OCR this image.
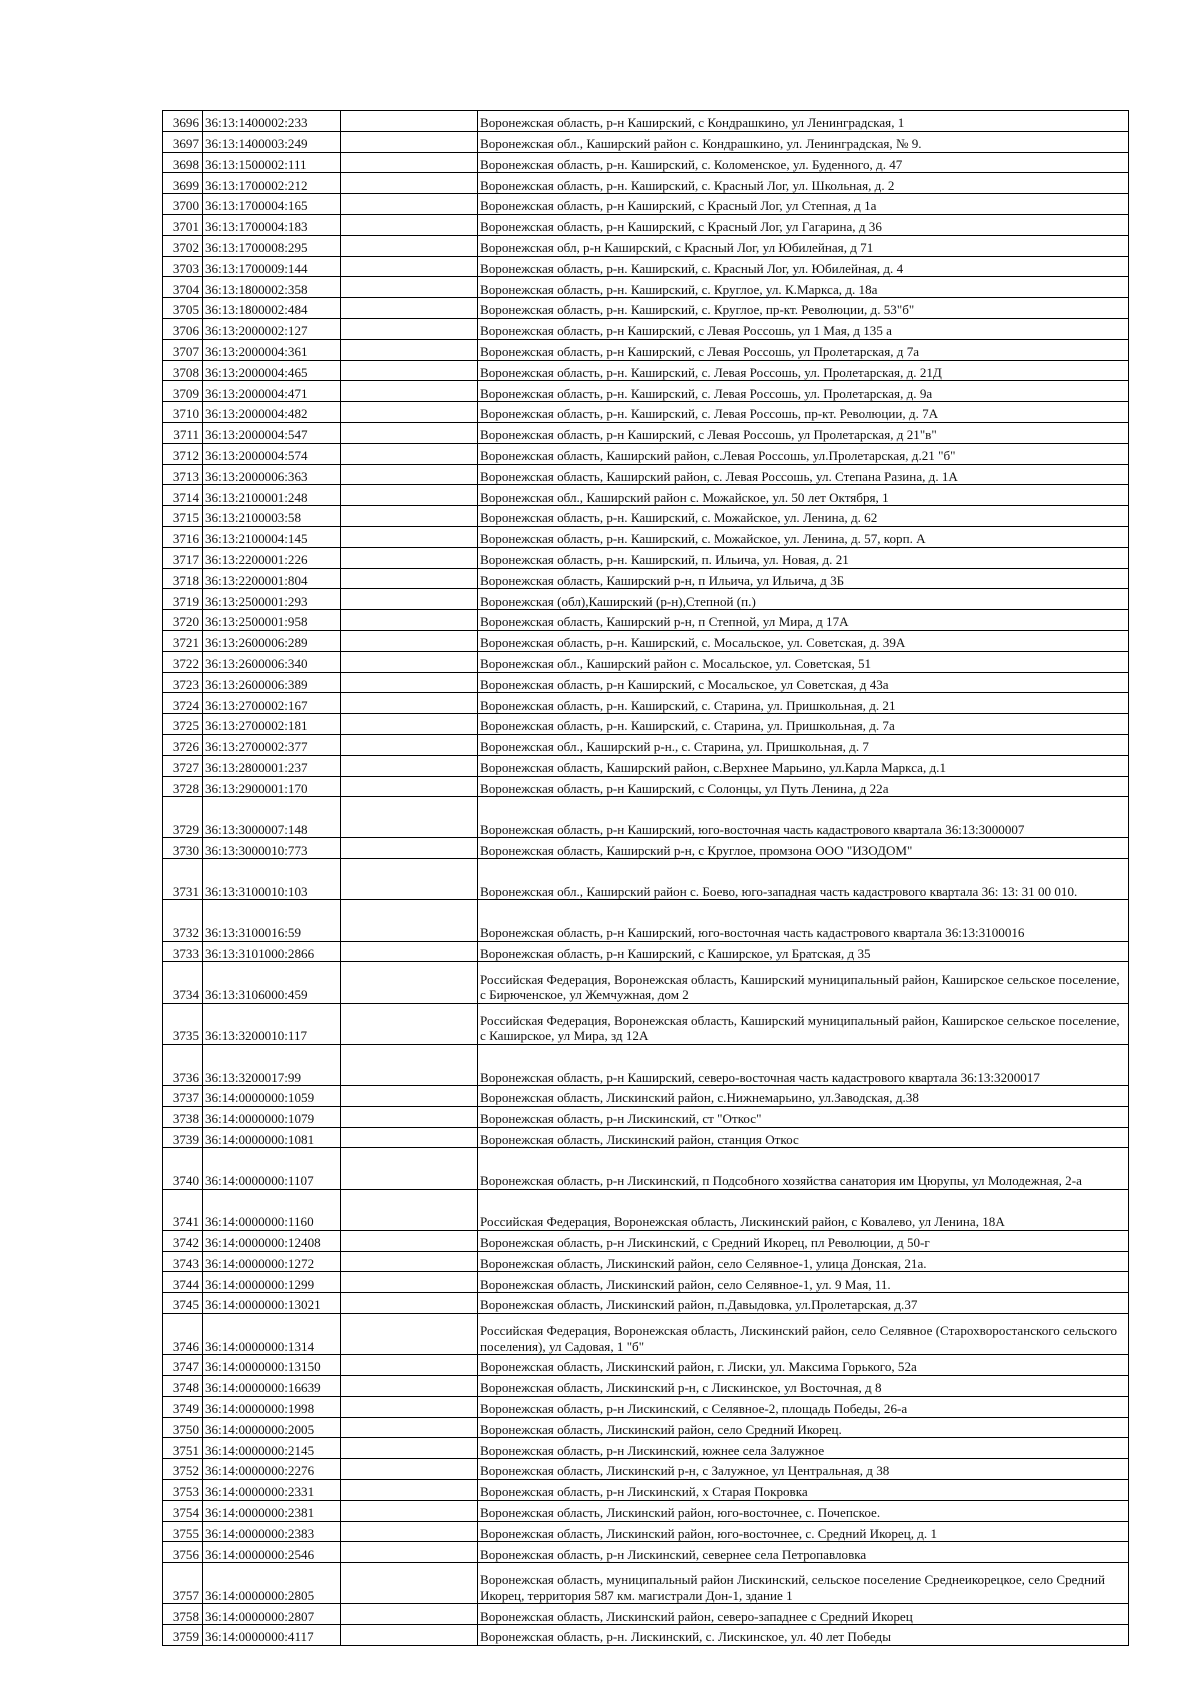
3696	36:13:1400002:233		Воронежская область, р-н Каширский, с Кондрашкино, ул Ленинградская, 1
3697	36:13:1400003:249		Воронежская обл., Каширский район с. Кондрашкино, ул. Ленинградская, № 9.
3698	36:13:1500002:111		Воронежская область, р-н. Каширский, с. Коломенское, ул. Буденного, д. 47
3699	36:13:1700002:212		Воронежская область, р-н. Каширский, с. Красный Лог, ул. Школьная, д. 2
3700	36:13:1700004:165		Воронежская область, р-н Каширский, с Красный Лог, ул Степная, д 1а
3701	36:13:1700004:183		Воронежская область, р-н Каширский, с Красный Лог, ул Гагарина, д 36
3702	36:13:1700008:295		Воронежская обл, р-н Каширский, с Красный Лог, ул Юбилейная, д 71
3703	36:13:1700009:144		Воронежская область, р-н. Каширский, с. Красный Лог, ул. Юбилейная, д. 4
3704	36:13:1800002:358		Воронежская область, р-н. Каширский, с. Круглое, ул. К.Маркса, д. 18а
3705	36:13:1800002:484		Воронежская область, р-н. Каширский, с. Круглое, пр-кт. Революции, д. 53"б"
3706	36:13:2000002:127		Воронежская область, р-н Каширский, с Левая Россошь, ул 1 Мая, д 135 а
3707	36:13:2000004:361		Воронежская область, р-н Каширский, с Левая Россошь, ул Пролетарская, д 7а
3708	36:13:2000004:465		Воронежская область, р-н. Каширский, с. Левая Россошь, ул. Пролетарская, д. 21Д
3709	36:13:2000004:471		Воронежская область, р-н. Каширский, с. Левая Россошь, ул. Пролетарская, д. 9а
3710	36:13:2000004:482		Воронежская область, р-н. Каширский, с. Левая Россошь, пр-кт. Революции, д. 7А
3711	36:13:2000004:547		Воронежская область, р-н Каширский, с Левая Россошь, ул Пролетарская, д 21"в"
3712	36:13:2000004:574		Воронежская область, Каширский район, с.Левая Россошь, ул.Пролетарская, д.21 "б"
3713	36:13:2000006:363		Воронежская область, Каширский район, с. Левая Россошь, ул. Степана Разина, д. 1А
3714	36:13:2100001:248		Воронежская обл., Каширский район с. Можайское, ул. 50 лет Октября, 1
3715	36:13:2100003:58		Воронежская область, р-н. Каширский, с. Можайское, ул. Ленина, д. 62
3716	36:13:2100004:145		Воронежская область, р-н. Каширский, с. Можайское, ул. Ленина, д. 57, корп. А
3717	36:13:2200001:226		Воронежская область, р-н. Каширский, п. Ильича, ул. Новая, д. 21
3718	36:13:2200001:804		Воронежская область, Каширский р-н, п Ильича, ул Ильича, д 3Б
3719	36:13:2500001:293		Воронежская (обл),Каширский (р-н),Степной (п.)
3720	36:13:2500001:958		Воронежская область, Каширский р-н, п Степной, ул Мира, д 17А
3721	36:13:2600006:289		Воронежская область, р-н. Каширский, с. Мосальское, ул. Советская, д. 39А
3722	36:13:2600006:340		Воронежская обл., Каширский район с. Мосальское, ул. Советская, 51
3723	36:13:2600006:389		Воронежская область, р-н Каширский, с Мосальское, ул Советская, д 43а
3724	36:13:2700002:167		Воронежская область, р-н. Каширский, с. Старина, ул. Пришкольная, д. 21
3725	36:13:2700002:181		Воронежская область, р-н. Каширский, с. Старина, ул. Пришкольная, д. 7а
3726	36:13:2700002:377		Воронежская обл., Каширский р-н., с. Старина, ул. Пришкольная, д. 7
3727	36:13:2800001:237		Воронежская область, Каширский район, с.Верхнее Марьино, ул.Карла Маркса, д.1
3728	36:13:2900001:170		Воронежская область, р-н Каширский, с Солонцы, ул Путь Ленина, д 22а
3729	36:13:3000007:148		Воронежская область, р-н Каширский, юго-восточная часть кадастрового квартала 36:13:3000007
3730	36:13:3000010:773		Воронежская область, Каширский р-н, с Круглое, промзона ООО "ИЗОДОМ"
3731	36:13:3100010:103		Воронежская обл., Каширский район с. Боево, юго-западная часть кадастрового квартала 36: 13: 31 00 010.
3732	36:13:3100016:59		Воронежская область, р-н Каширский, юго-восточная часть кадастрового квартала 36:13:3100016
3733	36:13:3101000:2866		Воронежская область, р-н Каширский, с Каширское, ул Братская, д 35
3734	36:13:3106000:459		Российская Федерация, Воронежская область, Каширский муниципальный район, Каширское сельское поселение, с Бирюченское, ул Жемчужная, дом 2
3735	36:13:3200010:117		Российская Федерация, Воронежская область, Каширский муниципальный район, Каширское сельское поселение, с Каширское, ул Мира, зд 12А
3736	36:13:3200017:99		Воронежская область, р-н Каширский, северо-восточная часть кадастрового квартала 36:13:3200017
3737	36:14:0000000:1059		Воронежская область, Лискинский район, с.Нижнемарьино, ул.Заводская, д.38
3738	36:14:0000000:1079		Воронежская область, р-н Лискинский, ст "Откос"
3739	36:14:0000000:1081		Воронежская область, Лискинский район, станция Откос
3740	36:14:0000000:1107		Воронежская область, р-н Лискинский, п Подсобного хозяйства санатория им Цюрупы, ул Молодежная, 2-а
3741	36:14:0000000:1160		Российская Федерация, Воронежская область, Лискинский район, с Ковалево, ул Ленина, 18А
3742	36:14:0000000:12408		Воронежская область, р-н Лискинский, с Средний Икорец, пл Революции, д 50-г
3743	36:14:0000000:1272		Воронежская область, Лискинский район, село Селявное-1, улица Донская, 21а.
3744	36:14:0000000:1299		Воронежская область, Лискинский район, село Селявное-1, ул. 9 Мая, 11.
3745	36:14:0000000:13021		Воронежская область, Лискинский район, п.Давыдовка, ул.Пролетарская, д.37
3746	36:14:0000000:1314		Российская Федерация, Воронежская область, Лискинский район, село Селявное (Старохворостанского сельского поселения), ул Садовая, 1 "б"
3747	36:14:0000000:13150		Воронежская область, Лискинский район, г. Лиски, ул. Максима Горького, 52а
3748	36:14:0000000:16639		Воронежская область, Лискинский р-н, с Лискинское, ул Восточная, д 8
3749	36:14:0000000:1998		Воронежская область, р-н Лискинский, с Селявное-2, площадь Победы, 26-а
3750	36:14:0000000:2005		Воронежская область, Лискинский район, село Средний Икорец.
3751	36:14:0000000:2145		Воронежская область, р-н Лискинский, южнее села Залужное
3752	36:14:0000000:2276		Воронежская область, Лискинский р-н, с Залужное, ул Центральная, д 38
3753	36:14:0000000:2331		Воронежская область, р-н Лискинский, х Старая Покровка
3754	36:14:0000000:2381		Воронежская область, Лискинский район, юго-восточнее, с. Почепское.
3755	36:14:0000000:2383		Воронежская область, Лискинский район, юго-восточнее, с. Средний Икорец, д. 1
3756	36:14:0000000:2546		Воронежская область, р-н Лискинский, севернее села Петропавловка
3757	36:14:0000000:2805		Воронежская область, муниципальный район Лискинский, сельское поселение Среднеикорецкое, село Средний Икорец, территория 587 км. магистрали Дон-1, здание 1
3758	36:14:0000000:2807		Воронежская область, Лискинский район, северо-западнее с Средний Икорец
3759	36:14:0000000:4117		Воронежская область, р-н. Лискинский, с. Лискинское, ул. 40 лет Победы
